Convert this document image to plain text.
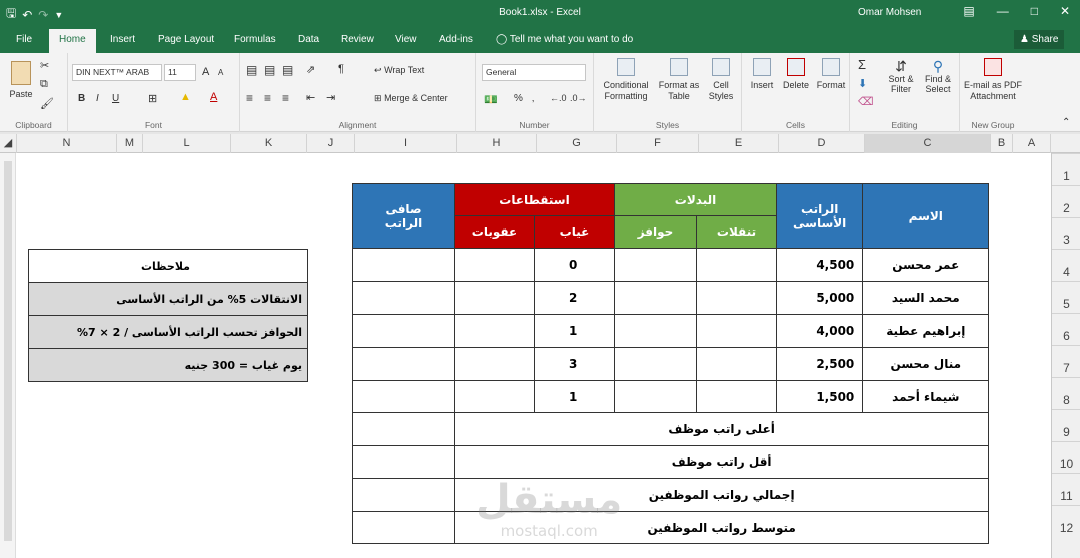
🖫 ↶ ↷ ▼	Book1.xlsx - Excel	Omar Mohsen	▤ — □ ✕
File	Home	Insert Page Layout Formulas Data Review View Add-ins ◯ Tell me what you want to do	♟ Share

Paste
✂
⧉
🖌
Clipboard
DIN NEXT™ ARAB	11	A A
B I U	⊞ ▲ A
Font
▤ ▤ ▤ ⇗ ¶	↩ Wrap Text
≡ ≡ ≡ ⇤ ⇥	⊞ Merge & Center
Alignment
General
💵 % ‚ ←.0 .0→
Number

Conditional Formatting

Format as Table

Cell Styles
Styles

Insert	Delete Format
Cells
Σ
⬇
⌫
⇵
Sort & Filter
⚲
Find & Select
Editing

E-mail as PDF Attachment
New Group	⌃
◢	N	M	L	K	J	I	H	G	F	E	D	C	B	A
1
2
3
4
5
6
7
8
9
10
11
12
ملاحظات
الانتقالات 5% من الراتب الأساسى
الحوافز تحسب الراتب الأساسى / 2 × 7%
يوم غياب = 300 جنيه
صافى الراتب	استقطاعات		البدلات		الراتب الأساسى	الاسم
	عقوبات	غياب	حوافز	تنقلات		
		0			4,500	عمر محسن
		2			5,000	محمد السيد
		1			4,000	إبراهيم عطية
		3			2,500	منال محسن
		1			1,500	شيماء أحمد
	أعلى راتب موظف					
	أقل راتب موظف					
	إجمالي رواتب الموظفين					
	متوسط رواتب الموظفين					
مستقل
mostaql.com
